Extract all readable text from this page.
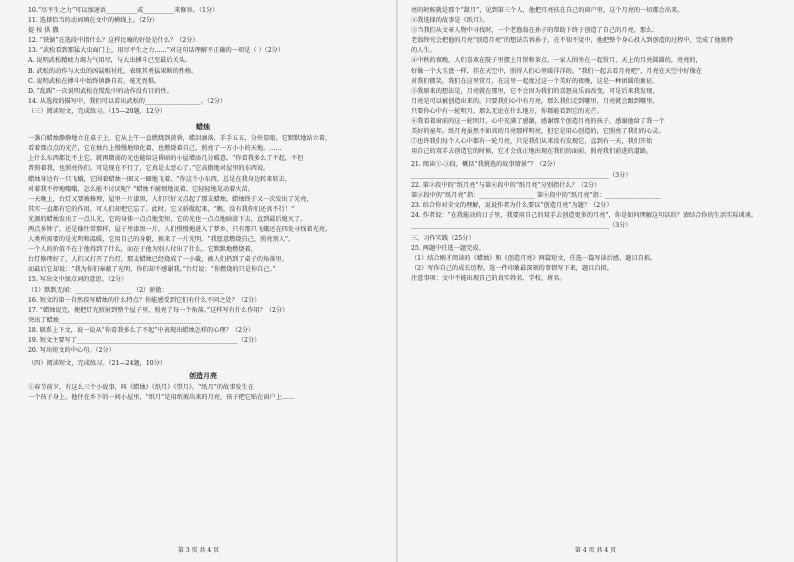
10.“尽平生之力”可以加速语__________或__________来修容。（1分）
11. 选择恰当的动词填在文中的横线上。（2分）
提 按 供 撒
12. “铁锯”在选段中指什么？这样比喻的好处是什么？（2分）
13. “武松看到那猛大虫面门上，用尽平生之力……”对这句话理解不正确的一项是（ ）（2分）
A. 说明武松精疲力竭力气用尽，与大虫搏斗已至最后关头。
B. 武松的动作与大虫的凶猛相衬托，表现其勇猛果断的性格。
C. 说明武松在搏斗中始终镇静自若，毫无畏惧。
D. “乱踢”一次说明武松在慌乱中的动作没有目的性。
14. 从选段的描写中，我们可以看出武松的__________________。（2分）
（三）阅读短文，完成练习。（15—20题，12分）
蜡烛
一盏白蜡烛静静地立在桌子上。它从上午一直燃烧到黄昏，蜡泪滴落，手手五五，分外显眼。它默默地站立着，
看着那点点的光芒，它在烛台上慢慢地熔化着，也燃烧着自己，照亮了一方小小的天地。……
上什么东西都比不上它，就再微弱的光也能给这昏暗的小屋增添几分暖意。“你看我多么了不起，不但
普照着我，也照亮你们。可是现在不行了，它真是太恶心了。”它高傲地对屋里的东西说。
蜡烛身边有一只飞蛾，它围着蜡烛一圈又一圈地飞着，“你这个小东西，总是在我身边转来转去，
对着我不停地嗡嗡，怎么能不讨厌呢？”蜡烛不耐烦地说着，它轻轻地晃动着火苗。
一天晚上，台灯又要被修理，屋里一片漆黑，人们只好又点起了那支蜡烛。蜡烛终于又一次发出了光亮，
其实一直都有它的作用，可人们却把它忘了。此时，它又骄傲起来，“瞧，没有我你们还真不行！”
光源的蜡烛发出了一点儿光，它的身体一点点地变短，它的光也一点点地暗淡下去，直到最后熄灭了。
两点多钟了，还是像往常那样，屋子里漆黑一片，人们慢慢地进入了梦乡，只有那只飞蛾还在四处寻找着光亮。
人类所需要的是光明和温暖，它用自己的身躯，换来了一片光明。“我愿意燃烧自己，照亮别人”，
一个人的价值不在于他得到了什么，而在于他为别人付出了什么。它默默地燃烧着，
台灯修理好了，人们又打开了台灯，那支蜡烛已经烧成了一小截，被人们扔到了桌子的角落里。
而最后它却说：“我为你们奉献了光明，你们却不感谢我。”台灯说：“你燃烧的只是你自己。”
15. 写出文中加点词的意思。（2分）
（1）默默无闻：__________________ （2）骄傲：__________________
16. 短文的第一自然段写蜡烛的什么特点？你能感受到它们有什么不同之处？（2分）
17. “蜡烛说完，便把灯光照射到整个屋子里，照亮了每一个角落。”这样写有什么作用？（2分）
突出了蜡烛______________________________________________
18. 联系上下文，说一说从“你看我多么了不起”中表现出蜡烛怎样的心理？（2分）
19. 短文主要写了____________________________________________________（2分）
20. 写出短文的中心句。（2分）
（四）阅读短文，完成练习。（21—24题，10分）
创造月亮
①春节前夕，有这么三个小故事，叫《蜡烛》《纸月》《望月》。“纸月”的故事发生在
一个孩子身上，他住在乡下的一间小屋里，“纸月”是用纸剪出来的月亮，孩子把它贴在窗户上……
第 3 页 共 4 页
亮的时候就是那个“甜月”，见到第三个人，他把月亮扶在自己的窗户里，这个月亮的一切都会出来。
②我选择的故事是《纸月》。
③当我们从文章人物中寻找时，一个老渔翁在孙子的帮助下终于创造了自己的月亮，那么：
老翁终究会把他的月亮“创造月亮”的想法告诉孙子，在不知不觉中，他把整个身心投入到创造的过程中，完成了他独特
的人生。
④中秋的夜晚，人们喜欢在院子里摆上月饼和茶点，一家人围坐在一起赏月，天上的月亮圆圆的，亮亮的，
好像一个大玉盘一样，挂在天空中，照得人们心里暖洋洋的。“我们一起去看月亮吧”，月亮在天空中好像在
对我们微笑，我们在这里赏月，在这里一起度过这一个美好的夜晚，这是一种团圆的象征。
⑤我原来的想法是，月亮就在那里，它不会因为我们的喜怒哀乐而改变，可是后来我发现，
月亮是可以被创造出来的，只要我们心中有月亮，那么我们走到哪里，月亮就会跟到哪里。
只要你心中有一轮明月，那么无论在什么地方，你都能看到它的光芒。
⑥我看着窗前的这一轮明月，心中充满了感激，感谢那个创造月亮的孩子，感谢他给了我一个
美好的童年。纸月亮虽然不如真的月亮那样明亮，但它是用心创造的，它照亮了我们的心灵。
⑦也许我们每个人心中都有一轮月亮，只是我们从来没有发现它，直到有一天，我们开始
用自己的双手去创造它的时候，它才会真正地出现在我们的面前，照亮我们前进的道路。
21. 阅读①-③段，概括“我挑选的故事情景”？（2分）
________________________________________________________________（3分）
22. 第②段中的“纸月亮”与第⑥段中的“纸月亮”分别指什么？（2分）
第②段中的“纸月亮”指：__________________ 第⑥段中的“纸月亮”指：__________________
23. 结合你对全文的理解，说说作者为什么要以“创造月亮”为题？（2分）
24. 作者说：“在我能动的日子里，我要用自己的双手去创造更多的月亮”，你是如何理解这句话的？请结合你的生活实际谈谈。
________________________________________________________________（3分）
三、习作实践（25分）
25. 两题中任选一题完成。
（1）结合刚才阅读的《蜡烛》和《创造月亮》两篇短文，任选一篇写读后感，题目自拟。
（2）写你自己的成长历程，选一件印象最深刻的事情写下来，题目自拟。
注意事项：文中不能出现自己的真实姓名、学校、班名。
第 4 页 共 4 页
